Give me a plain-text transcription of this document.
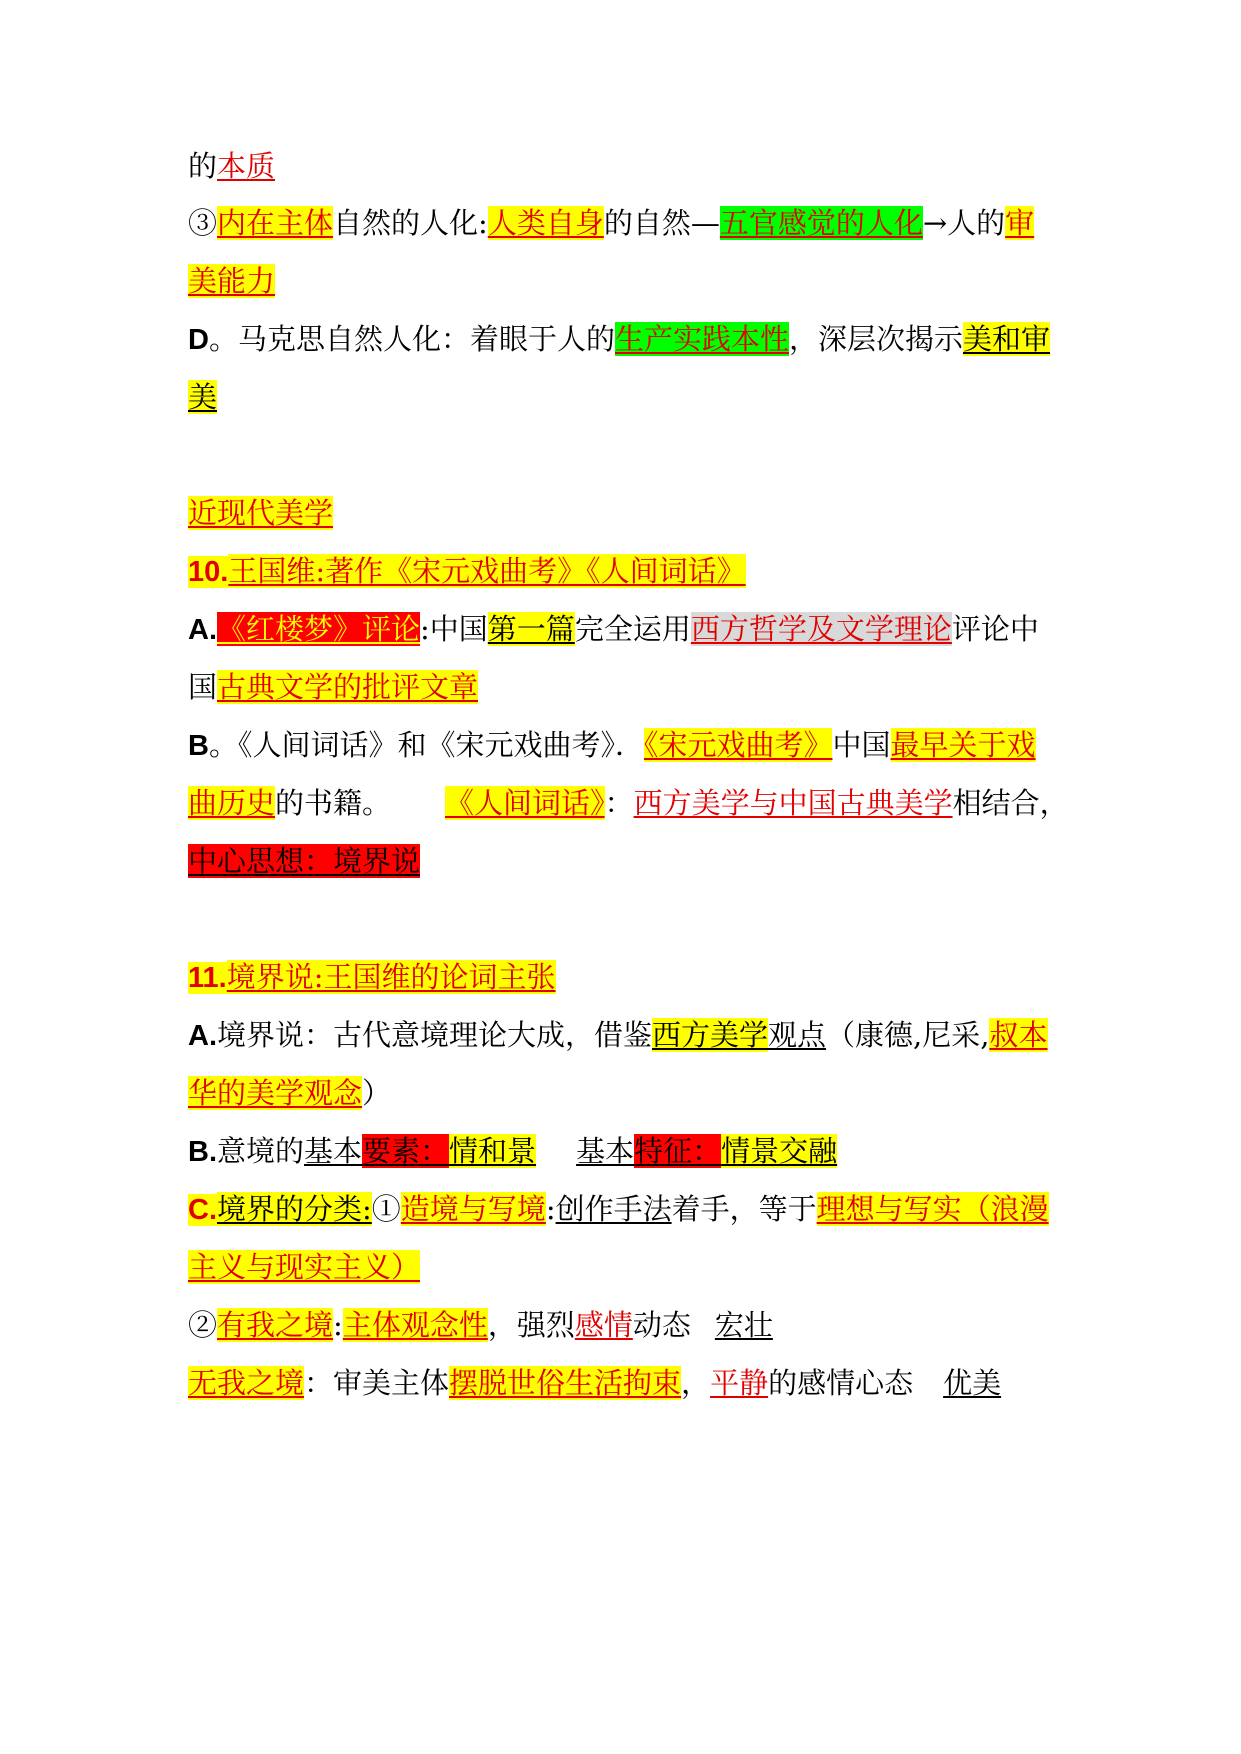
的本质
③内在主体自然的人化:人类自身的自然—五官感觉的人化→人的审
美能力
D。马克思自然人化：着眼于人的生产实践本性，深层次揭示美和审
美
近现代美学
10.王国维:著作《宋元戏曲考》《人间词话》
A.《红楼梦》评论:中国第一篇完全运用西方哲学及文学理论评论中
国古典文学的批评文章
B。《人间词话》和《宋元戏曲考》．《宋元戏曲考》中国最早关于戏
曲历史的书籍。 《人间词话》：西方美学与中国古典美学相结合，
中心思想：境界说
11.境界说:王国维的论词主张
A.境界说：古代意境理论大成，借鉴西方美学观点（康德,尼采,叔本
华的美学观念）
B.意境的基本要素：情和景 基本特征：情景交融
C.境界的分类:①造境与写境:创作手法着手，等于理想与写实（浪漫
主义与现实主义）
②有我之境:主体观念性，强烈感情动态 宏壮
无我之境：审美主体摆脱世俗生活拘束，平静的感情心态 优美
